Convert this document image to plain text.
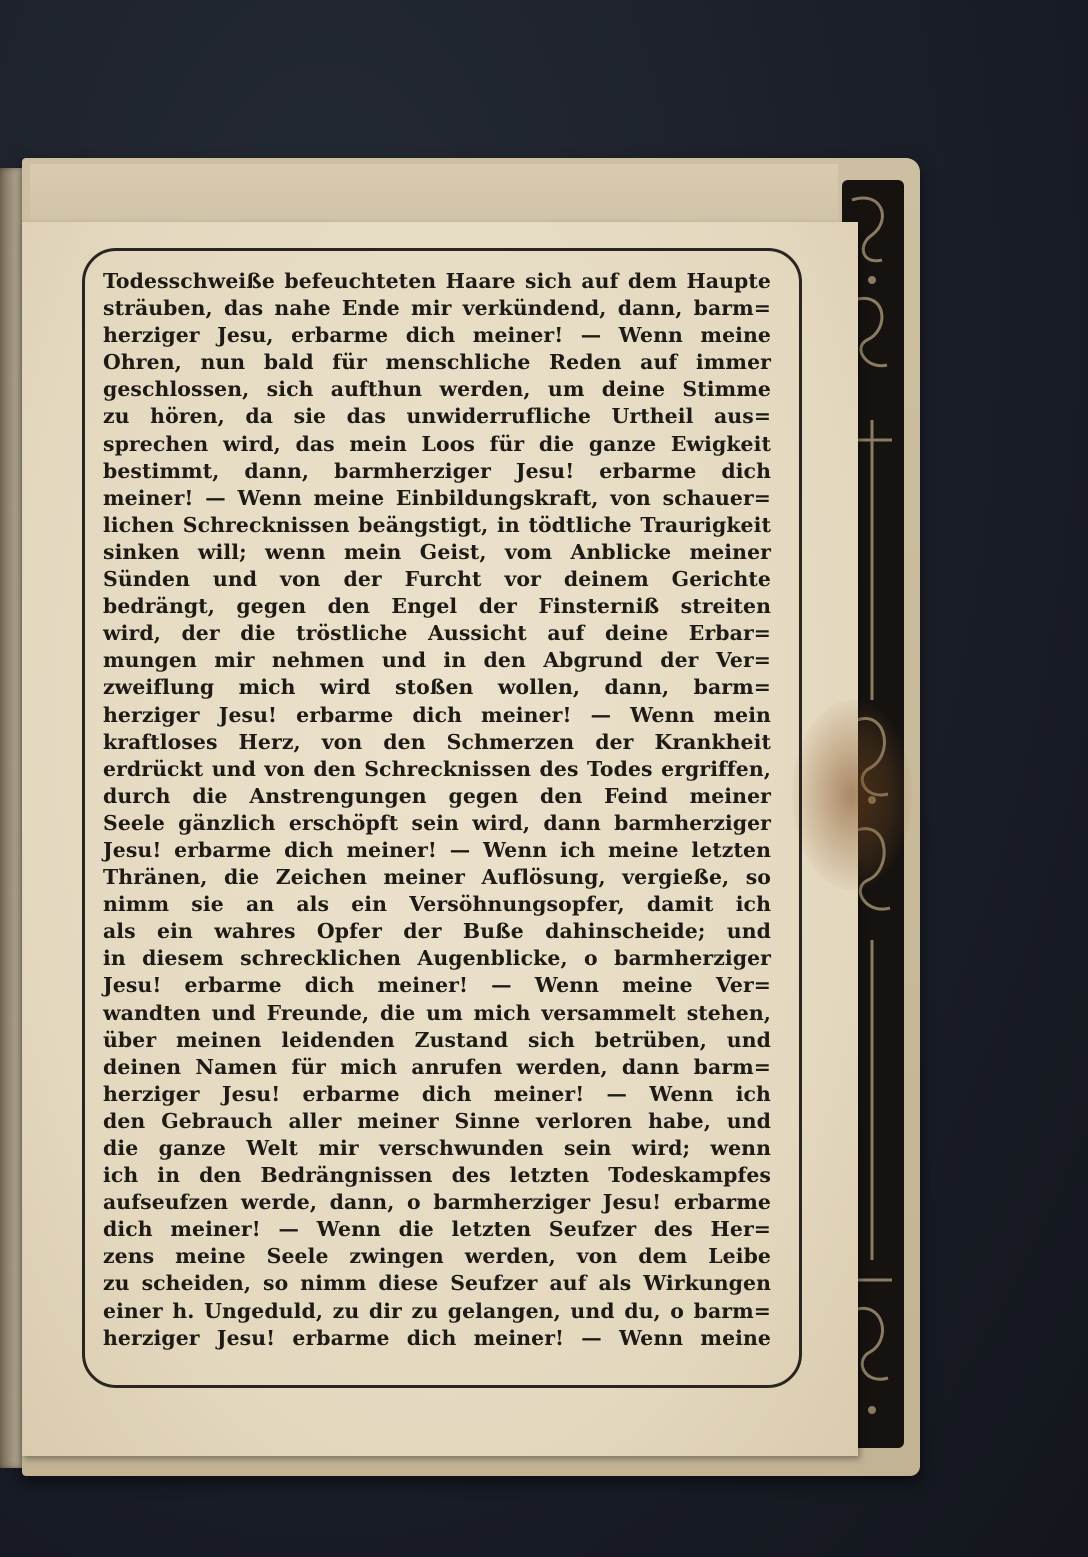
Todesschweiße befeuchteten Haare sich auf dem Haupte
sträuben, das nahe Ende mir verkündend, dann, barm=
herziger Jesu, erbarme dich meiner! — Wenn meine
Ohren, nun bald für menschliche Reden auf immer
geschlossen, sich aufthun werden, um deine Stimme
zu hören, da sie das unwiderrufliche Urtheil aus=
sprechen wird, das mein Loos für die ganze Ewigkeit
bestimmt, dann, barmherziger Jesu! erbarme dich
meiner! — Wenn meine Einbildungskraft, von schauer=
lichen Schrecknissen beängstigt, in tödtliche Traurigkeit
sinken will; wenn mein Geist, vom Anblicke meiner
Sünden und von der Furcht vor deinem Gerichte
bedrängt, gegen den Engel der Finsterniß streiten
wird, der die tröstliche Aussicht auf deine Erbar=
mungen mir nehmen und in den Abgrund der Ver=
zweiflung mich wird stoßen wollen, dann, barm=
herziger Jesu! erbarme dich meiner! — Wenn mein
kraftloses Herz, von den Schmerzen der Krankheit
erdrückt und von den Schrecknissen des Todes ergriffen,
durch die Anstrengungen gegen den Feind meiner
Seele gänzlich erschöpft sein wird, dann barmherziger
Jesu! erbarme dich meiner! — Wenn ich meine letzten
Thränen, die Zeichen meiner Auflösung, vergieße, so
nimm sie an als ein Versöhnungsopfer, damit ich
als ein wahres Opfer der Buße dahinscheide; und
in diesem schrecklichen Augenblicke, o barmherziger
Jesu! erbarme dich meiner! — Wenn meine Ver=
wandten und Freunde, die um mich versammelt stehen,
über meinen leidenden Zustand sich betrüben, und
deinen Namen für mich anrufen werden, dann barm=
herziger Jesu! erbarme dich meiner! — Wenn ich
den Gebrauch aller meiner Sinne verloren habe, und
die ganze Welt mir verschwunden sein wird; wenn
ich in den Bedrängnissen des letzten Todeskampfes
aufseufzen werde, dann, o barmherziger Jesu! erbarme
dich meiner! — Wenn die letzten Seufzer des Her=
zens meine Seele zwingen werden, von dem Leibe
zu scheiden, so nimm diese Seufzer auf als Wirkungen
einer h. Ungeduld, zu dir zu gelangen, und du, o barm=
herziger Jesu! erbarme dich meiner! — Wenn meine
